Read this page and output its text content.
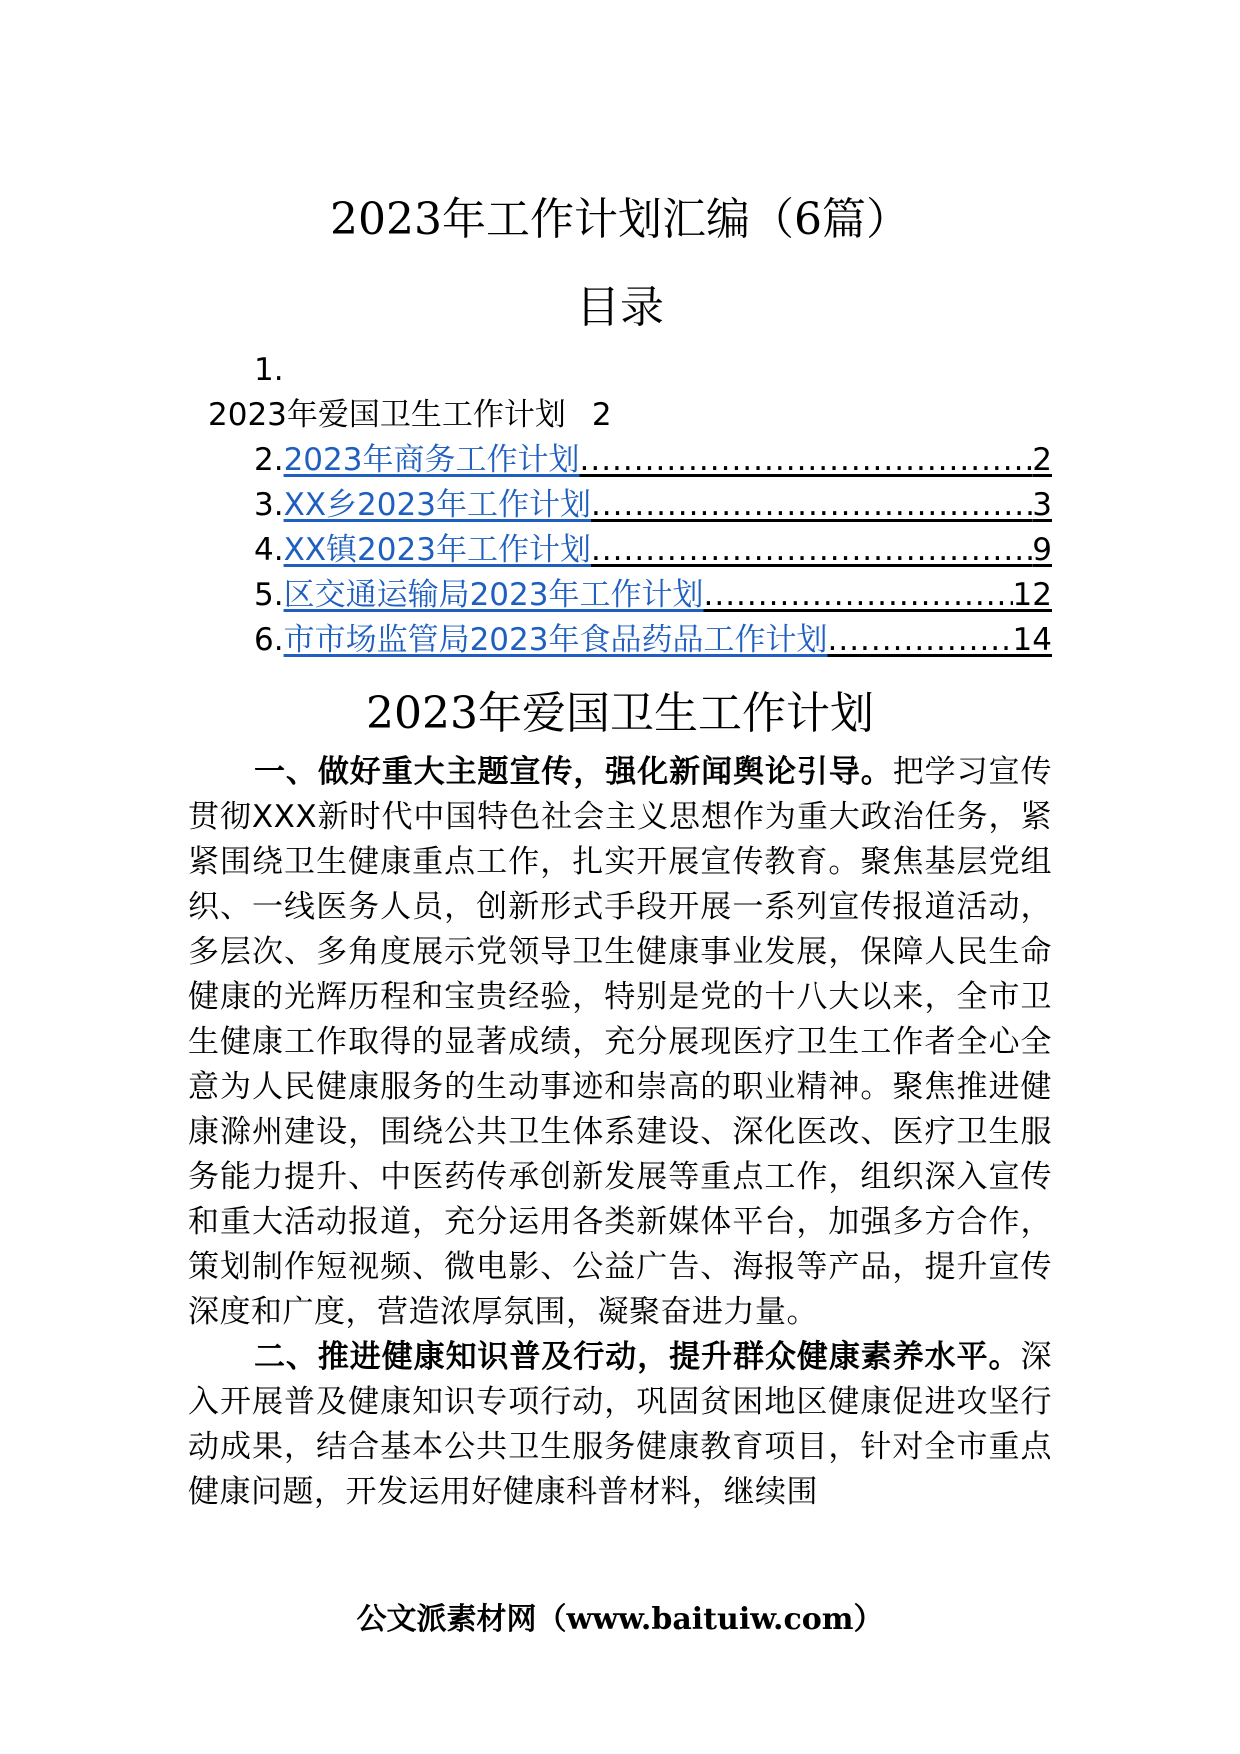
2023年工作计划汇编（6篇）
目录
1.
2023年爱国卫生工作计划 2
2. 2023年商务工作计划 .....	2
3. XX乡2023年工作计划 .....	3
4. XX镇2023年工作计划 .....	9
5. 区交通运输局2023年工作计划 .....	12
6. 市市场监管局2023年食品药品工作计划 .....	14
2023年爱国卫生工作计划

一、做好重大主题宣传，强化新闻舆论引导。把学习宣传贯彻XXX新时代中国特色社会主义思想作为重大政治任务，紧紧围绕卫生健康重点工作，扎实开展宣传教育。聚焦基层党组织、一线医务人员，创新形式手段开展一系列宣传报道活动，多层次、多角度展示党领导卫生健康事业发展，保障人民生命健康的光辉历程和宝贵经验，特别是党的十八大以来，全市卫生健康工作取得的显著成绩，充分展现医疗卫生工作者全心全意为人民健康服务的生动事迹和崇高的职业精神。聚焦推进健康滁州建设，围绕公共卫生体系建设、深化医改、医疗卫生服务能力提升、中医药传承创新发展等重点工作，组织深入宣传和重大活动报道，充分运用各类新媒体平台，加强多方合作，策划制作短视频、微电影、公益广告、海报等产品，提升宣传深度和广度，营造浓厚氛围，凝聚奋进力量。

二、推进健康知识普及行动，提升群众健康素养水平。深入开展普及健康知识专项行动，巩固贫困地区健康促进攻坚行动成果，结合基本公共卫生服务健康教育项目，针对全市重点健康问题，开发运用好健康科普材料，继续围

公文派素材网（www.baituiw.com）
